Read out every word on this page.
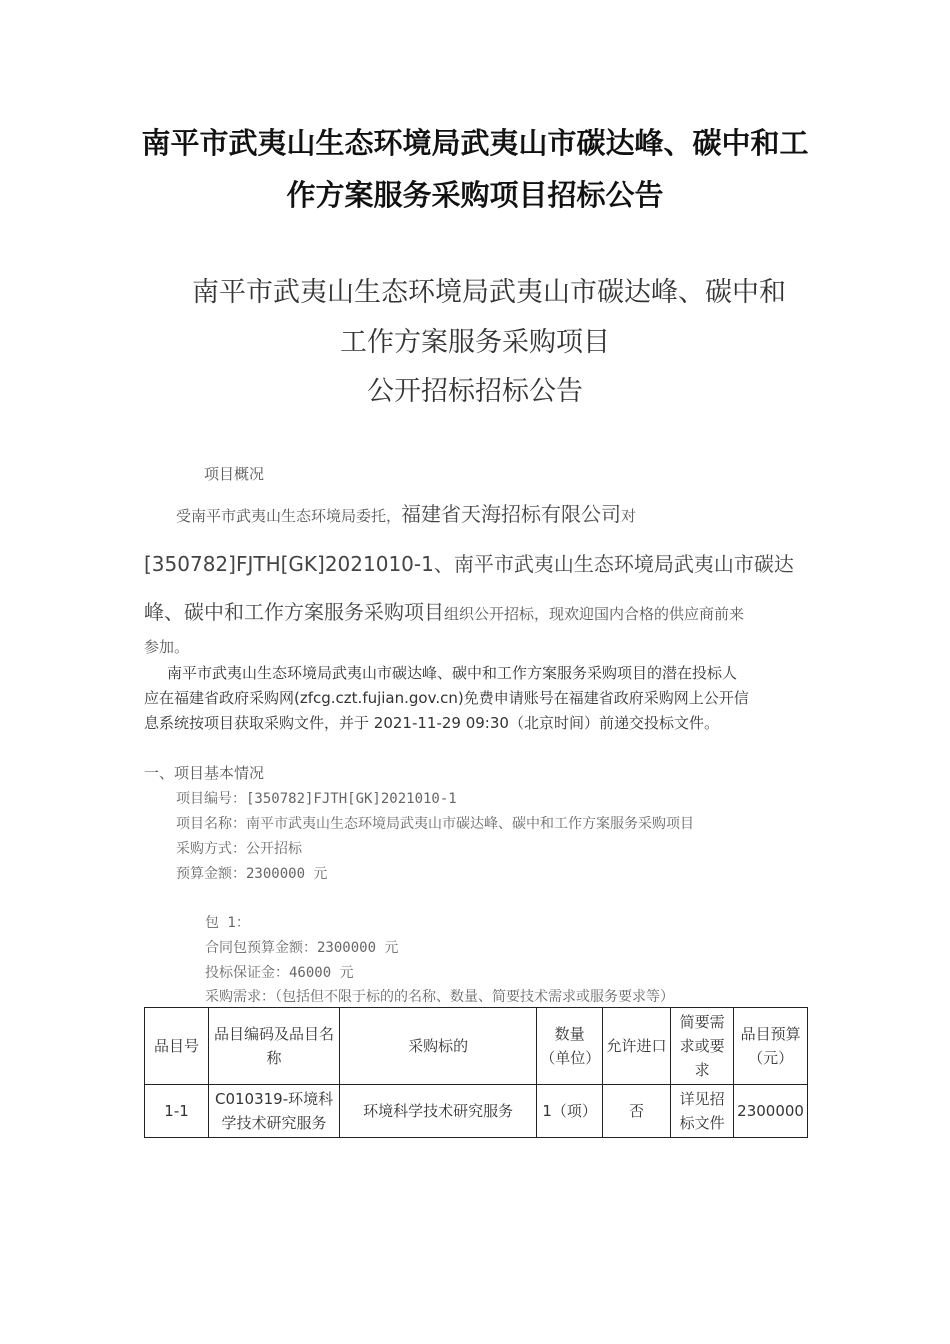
南平市武夷山生态环境局武夷山市碳达峰、碳中和工
作方案服务采购项目招标公告
南平市武夷山生态环境局武夷山市碳达峰、碳中和
工作方案服务采购项目
公开招标招标公告
项目概况
受南平市武夷山生态环境局委托，福建省天海招标有限公司对
[350782]FJTH[GK]2021010-1、南平市武夷山生态环境局武夷山市碳达
峰、碳中和工作方案服务采购项目组织公开招标，现欢迎国内合格的供应商前来
参加。
南平市武夷山生态环境局武夷山市碳达峰、碳中和工作方案服务采购项目的潜在投标人
应在福建省政府采购网(zfcg.czt.fujian.gov.cn)免费申请账号在福建省政府采购网上公开信
息系统按项目获取采购文件，并于 2021-11-29 09:30（北京时间）前递交投标文件。
一、项目基本情况
项目编号：[350782]FJTH[GK]2021010-1
项目名称：南平市武夷山生态环境局武夷山市碳达峰、碳中和工作方案服务采购项目
采购方式：公开招标
预算金额：2300000 元
包 1：
合同包预算金额：2300000 元
投标保证金：46000 元
采购需求：（包括但不限于标的的名称、数量、简要技术需求或服务要求等）
品目号	品目编码及品目名称	采购标的	数量（单位）	允许进口	简要需求或要求	品目预算（元）
1-1	C010319-环境科学技术研究服务	环境科学技术研究服务	1（项）	否	详见招标文件	2300000
